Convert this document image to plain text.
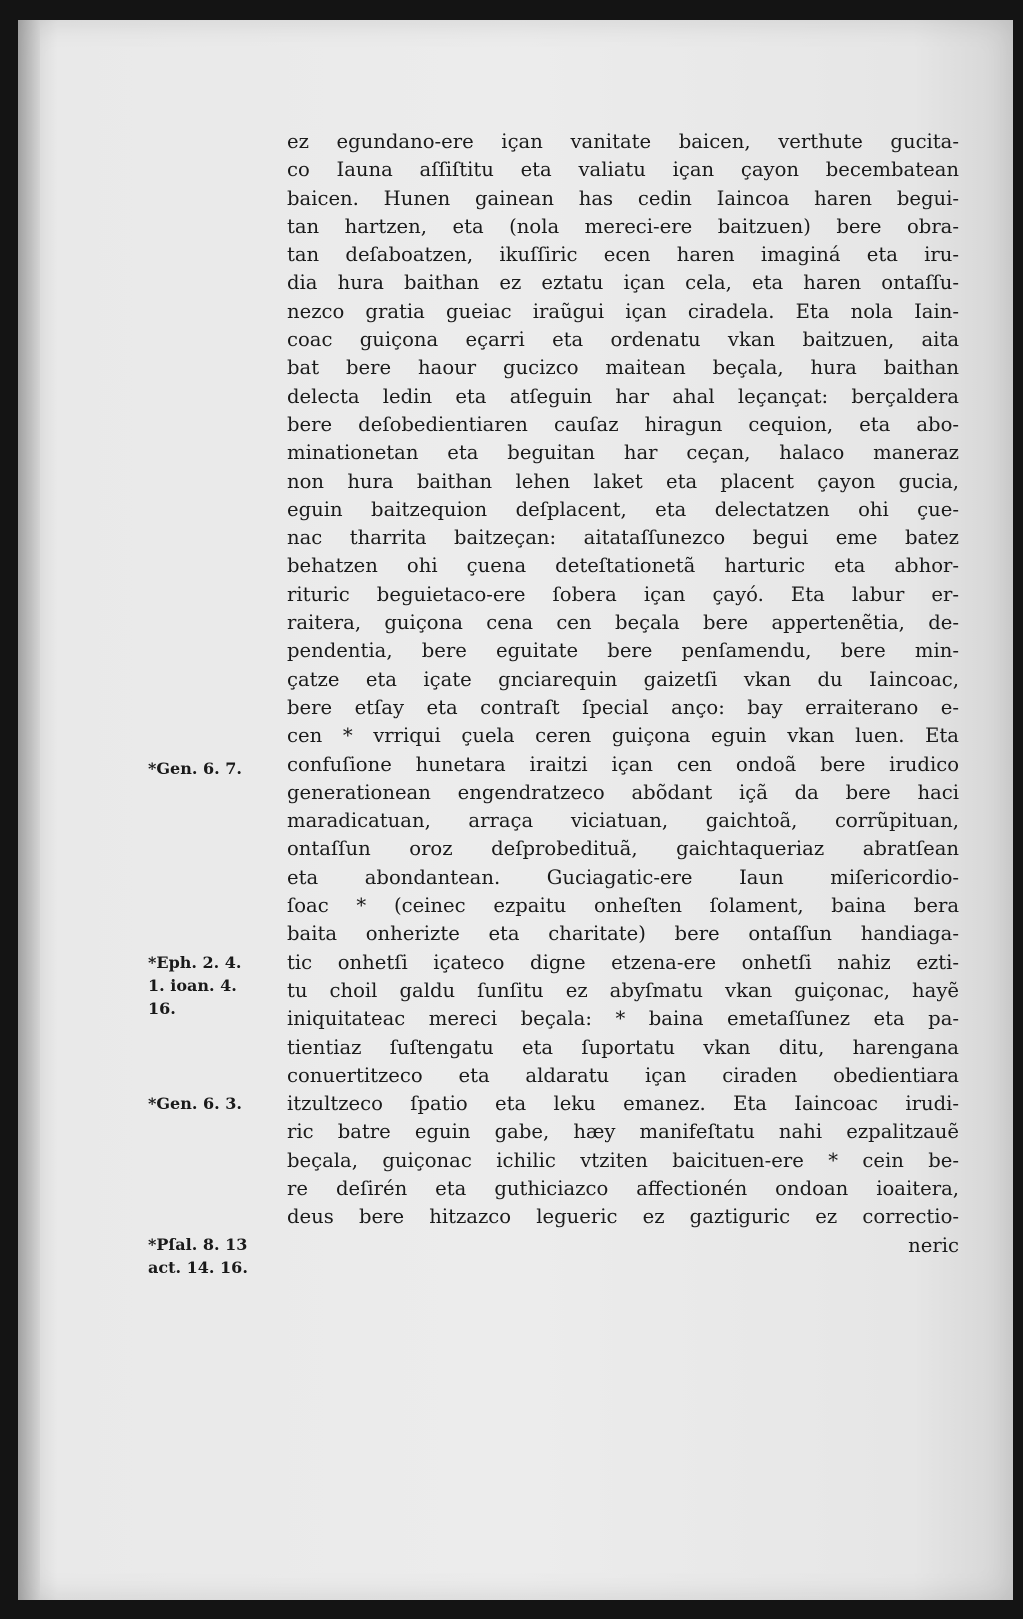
ez egundano-ere içan vanitate baicen, verthute gucita-
co Iauna aſſiſtitu eta valiatu içan çayon becembatean
baicen. Hunen gainean has cedin Iaincoa haren begui-
tan hartzen, eta (nola mereci-ere baitzuen) bere obra-
tan deſaboatzen, ikuſſiric ecen haren imaginá eta iru-
dia hura baithan ez eztatu içan cela, eta haren ontaſſu-
nezco gratia gueiac iraũgui içan ciradela. Eta nola Iain-
coac guiçona eçarri eta ordenatu vkan baitzuen, aita
bat bere haour gucizco maitean beçala, hura baithan
delecta ledin eta atſeguin har ahal leçançat: berçaldera
bere deſobedientiaren cauſaz hiragun cequion, eta abo-
minationetan eta beguitan har ceçan, halaco maneraz
non hura baithan lehen laket eta placent çayon gucia,
eguin baitzequion deſplacent, eta delectatzen ohi çue-
nac tharrita baitzeçan: aitataſſunezco begui eme batez
behatzen ohi çuena deteſtationetã harturic eta abhor-
rituric beguietaco-ere ſobera içan çayó. Eta labur er-
raitera, guiçona cena cen beçala bere appertenẽtia, de-
pendentia, bere eguitate bere penſamendu, bere min-
çatze eta içate gnciarequin gaizetſi vkan du Iaincoac,
bere etſay eta contraſt ſpecial anço: bay erraiterano e-
cen * vrriqui çuela ceren guiçona eguin vkan luen. Eta
confuſione hunetara iraitzi içan cen ondoã bere irudico
generationean engendratzeco abõdant içã da bere haci
maradicatuan, arraça viciatuan, gaichtoã, corrũpituan,
ontaſſun oroz deſprobedituã, gaichtaqueriaz abratſean
eta abondantean. Guciagatic-ere Iaun miſericordio-
ſoac * (ceinec ezpaitu onheſten ſolament, baina bera
baita onherizte eta charitate) bere ontaſſun handiaga-
tic onhetſi içateco digne etzena-ere onhetſi nahiz ezti-
tu choil galdu ſunſitu ez abyſmatu vkan guiçonac, hayẽ
iniquitateac mereci beçala: * baina emetaſſunez eta pa-
tientiaz ſuſtengatu eta ſuportatu vkan ditu, harengana
conuertitzeco eta aldaratu içan ciraden obedientiara
itzultzeco ſpatio eta leku emanez. Eta Iaincoac irudi-
ric batre eguin gabe, hæy manifeſtatu nahi ezpalitzauẽ
beçala, guiçonac ichilic vtziten baicituen-ere * cein be-
re deſirén eta guthiciazco affectionén ondoan ioaitera,
deus bere hitzazco legueric ez gaztiguric ez correctio-
neric
*Gen. 6. 7.
*Eph. 2. 4.
1. ioan. 4.
16.
*Gen. 6. 3.
*Pſal. 8. 13
act. 14. 16.
